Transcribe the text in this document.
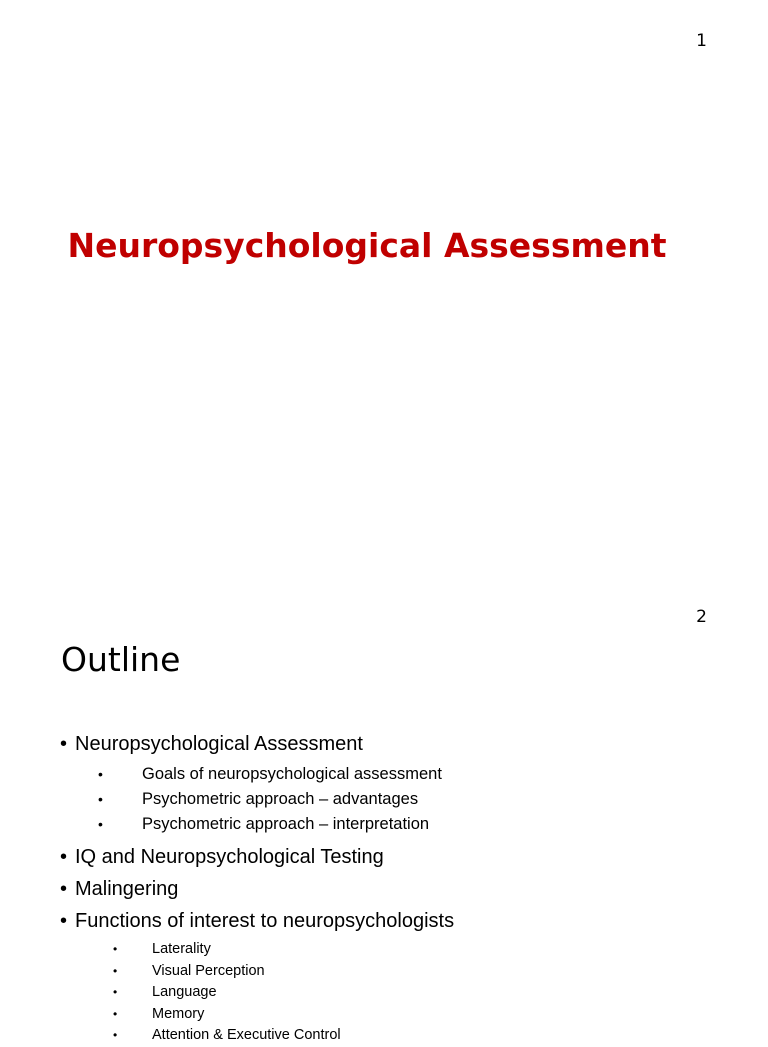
1
Neuropsychological Assessment
2
Outline
• Neuropsychological Assessment
• Goals of neuropsychological assessment
• Psychometric approach – advantages
• Psychometric approach – interpretation
• IQ and Neuropsychological Testing
• Malingering
• Functions of interest to neuropsychologists
• Laterality
• Visual Perception
• Language
• Memory
• Attention & Executive Control
